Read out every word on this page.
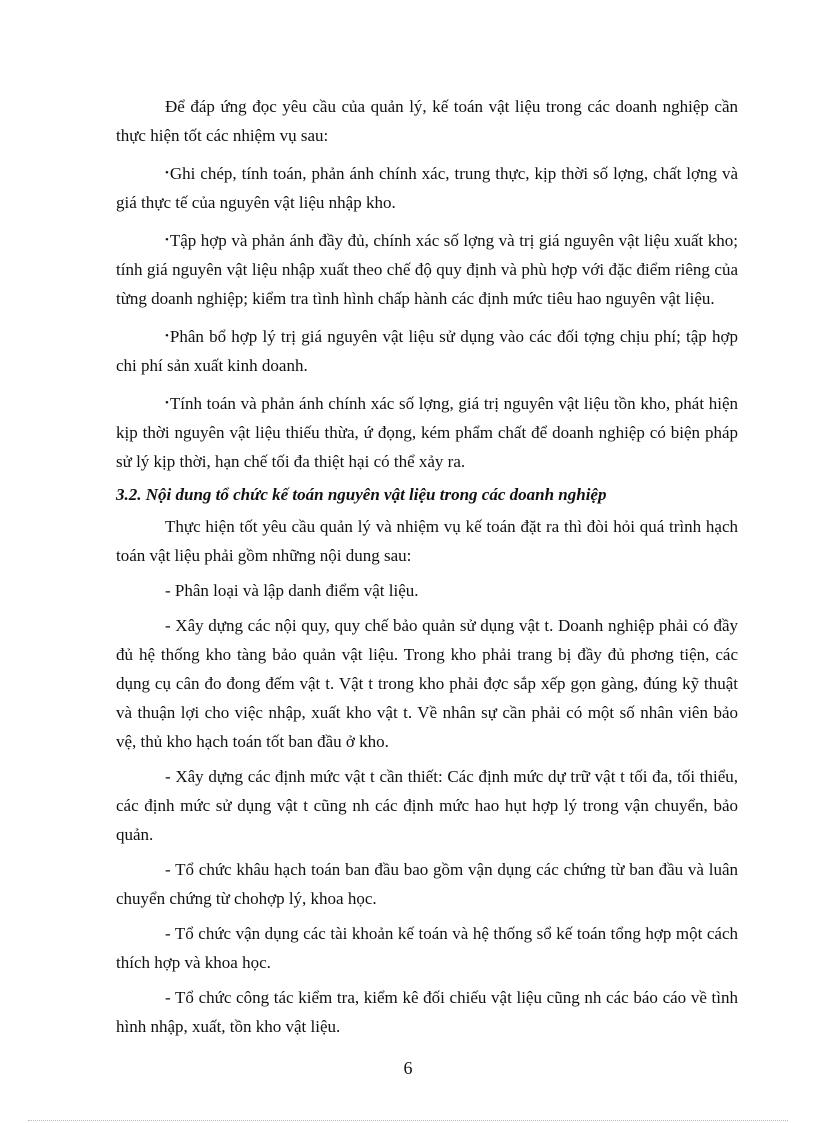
Để đáp ứng đọc yêu cầu của quản lý, kế toán vật liệu trong các doanh nghiệp cần thực hiện tốt các nhiệm vụ sau:

•Ghi chép, tính toán, phản ánh chính xác, trung thực, kịp thời số lợng, chất lợng và giá thực tế của nguyên vật liệu nhập kho.

•Tập hợp và phản ánh đầy đủ, chính xác số lợng và trị giá nguyên vật liệu xuất kho; tính giá nguyên vật liệu nhập xuất theo chế độ quy định và phù hợp với đặc điểm riêng của từng doanh nghiệp; kiểm tra tình hình chấp hành các định mức tiêu hao nguyên vật liệu.

•Phân bổ hợp lý trị giá nguyên vật liệu sử dụng vào các đối tợng chịu phí; tập hợp chi phí sản xuất kinh doanh.

•Tính toán và phản ánh chính xác số lợng, giá trị nguyên vật liệu tồn kho, phát hiện kịp thời nguyên vật liệu thiếu thừa, ứ đọng, kém phẩm chất để doanh nghiệp có biện pháp sử lý kịp thời, hạn chế tối đa thiệt hại có thể xảy ra.

3.2. Nội dung tổ chức kế toán nguyên vật liệu trong các doanh nghiệp

Thực hiện tốt yêu cầu quản lý và nhiệm vụ kế toán đặt ra thì đòi hỏi quá trình hạch toán vật liệu phải gồm những nội dung sau:

- Phân loại và lập danh điểm vật liệu.

- Xây dựng các nội quy, quy chế bảo quản sử dụng vật t. Doanh nghiệp phải có đầy đủ hệ thống kho tàng bảo quản vật liệu. Trong kho phải trang bị đầy đủ phơng tiện, các dụng cụ cân đo đong đếm vật t. Vật t trong kho phải đợc sắp xếp gọn gàng, đúng kỹ thuật và thuận lợi cho việc nhập, xuất kho vật t. Về nhân sự cần phải có một số nhân viên bảo vệ, thủ kho hạch toán tốt ban đầu ở kho.

- Xây dựng các định mức vật t cần thiết: Các định mức dự trữ vật t tối đa, tối thiểu, các định mức sử dụng vật t cũng nh các định mức hao hụt hợp lý trong vận chuyển, bảo quản.

- Tổ chức khâu hạch toán ban đầu bao gồm vận dụng các chứng từ ban đầu và luân chuyển chứng từ chohợp lý, khoa học.

- Tổ chức vận dụng các tài khoản kế toán và hệ thống sổ kế toán tổng hợp một cách thích hợp và khoa học.

- Tổ chức công tác kiểm tra, kiểm kê đối chiếu vật liệu cũng nh các báo cáo về tình hình nhập, xuất, tồn kho vật liệu.

6
